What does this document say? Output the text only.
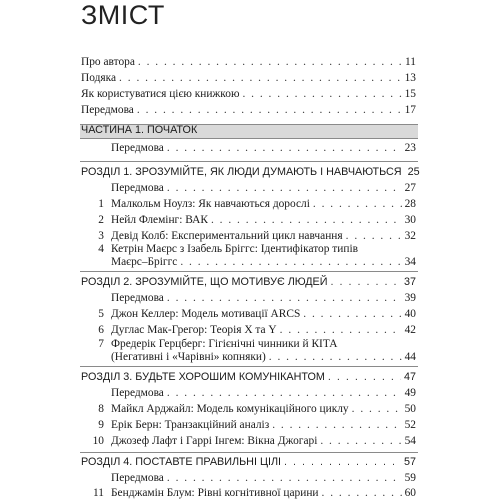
ЗМІСТ
Про автора . . .	11
Подяка . . .	13
Як користуватися цією книжкою . . .	15
Передмова . . .	17
ЧАСТИНА 1. ПОЧАТОК
Передмова . . .	23
РОЗДІЛ 1. ЗРОЗУМІЙТЕ, ЯК ЛЮДИ ДУМАЮТЬ І НАВЧАЮТЬСЯ 25
Передмова . . .	27
1 Малкольм Ноулз: Як навчаються дорослі . . .	28
2 Нейл Флемінг: ВАК . . .	30
3 Девід Колб: Експериментальний цикл навчання . . .	32
4 Кетрін Маєрс з Ізабель Бріггс: Ідентифікатор типів
Маєрс–Бріггс . . .	34
РОЗДІЛ 2. ЗРОЗУМІЙТЕ, ЩО МОТИВУЄ ЛЮДЕЙ . . .	37
Передмова . . .	39
5 Джон Келлер: Модель мотивації ARCS . . .	40
6 Дуглас Мак-Грегор: Теорія X та Y . . .	42
7 Фредерік Герцберг: Гігієнічні чинники й КІТА
(Негативні і «Чарівні» копняки) . . .	44
РОЗДІЛ 3. БУДЬТЕ ХОРОШИМ КОМУНІКАНТОМ . . .	47
Передмова . . .	49
8 Майкл Арджайл: Модель комунікаційного циклу . . .	50
9 Ерік Берн: Транзакційний аналіз . . .	52
10 Джозеф Лафт і Гаррі Інгем: Вікна Джогарі . . .	54
РОЗДІЛ 4. ПОСТАВТЕ ПРАВИЛЬНІ ЦІЛІ . . .	57
Передмова . . .	59
11 Бенджамін Блум: Рівні когнітивної царини . . .	60
